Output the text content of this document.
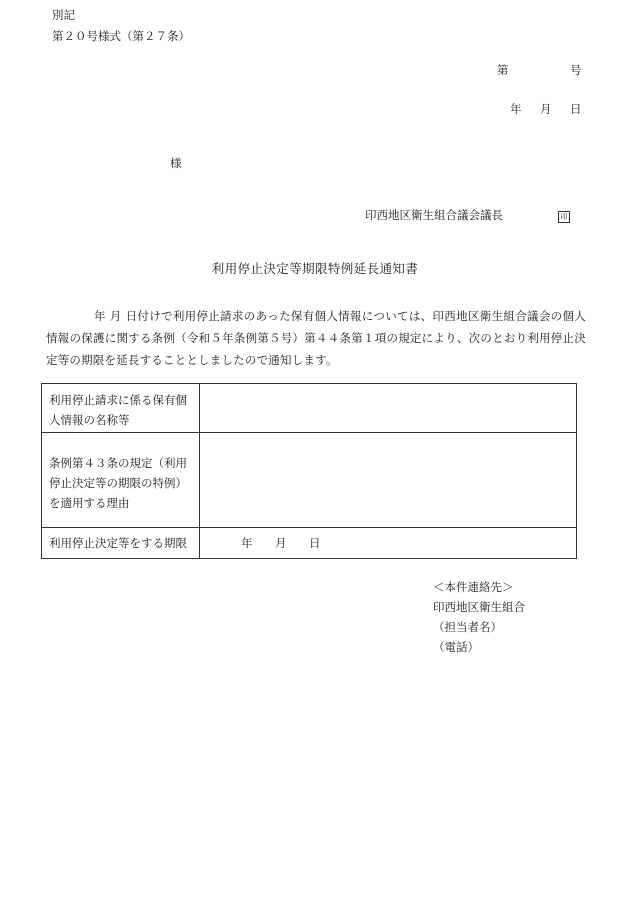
別記
第２０号様式（第２７条）
第	号
年 月 日
様
印西地区衛生組合議会議長	印
利用停止決定等期限特例延長通知書
年 月 日付けで利用停止請求のあった保有個人情報については、印西地区衛生組合議会の個人情報の保護に関する条例（令和５年条例第５号）第４４条第１項の規定により、次のとおり利用停止決定等の期限を延長することとしましたので通知します。
利用停止請求に係る保有個
人情報の名称等	

条例第４３条の規定（利用
停止決定等の期限の特例）
を適用する理由	

利用停止決定等をする期限	年 月 日
＜本件連絡先＞
印西地区衛生組合
（担当者名）
（電話）
